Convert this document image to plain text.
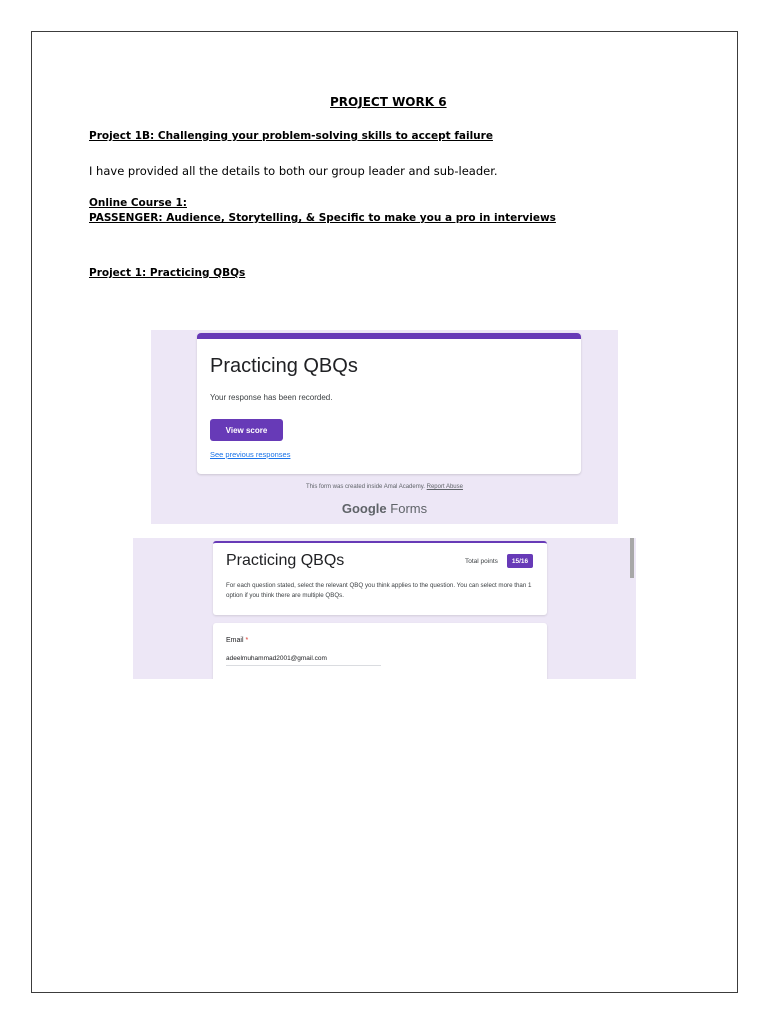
PROJECT WORK 6
Project 1B: Challenging your problem-solving skills to accept failure
I have provided all the details to both our group leader and sub-leader.
Online Course 1:
PASSENGER: Audience, Storytelling, & Specific to make you a pro in interviews
Project 1: Practicing QBQs
Practicing QBQs
Your response has been recorded.
View score
See previous responses
This form was created inside Amal Academy. Report Abuse
Google Forms
Practicing QBQs	Total points	15/16
For each question stated, select the relevant QBQ you think applies to the question. You can select more than 1 option if you think there are multiple QBQs.
Email *
adeelmuhammad2001@gmail.com
